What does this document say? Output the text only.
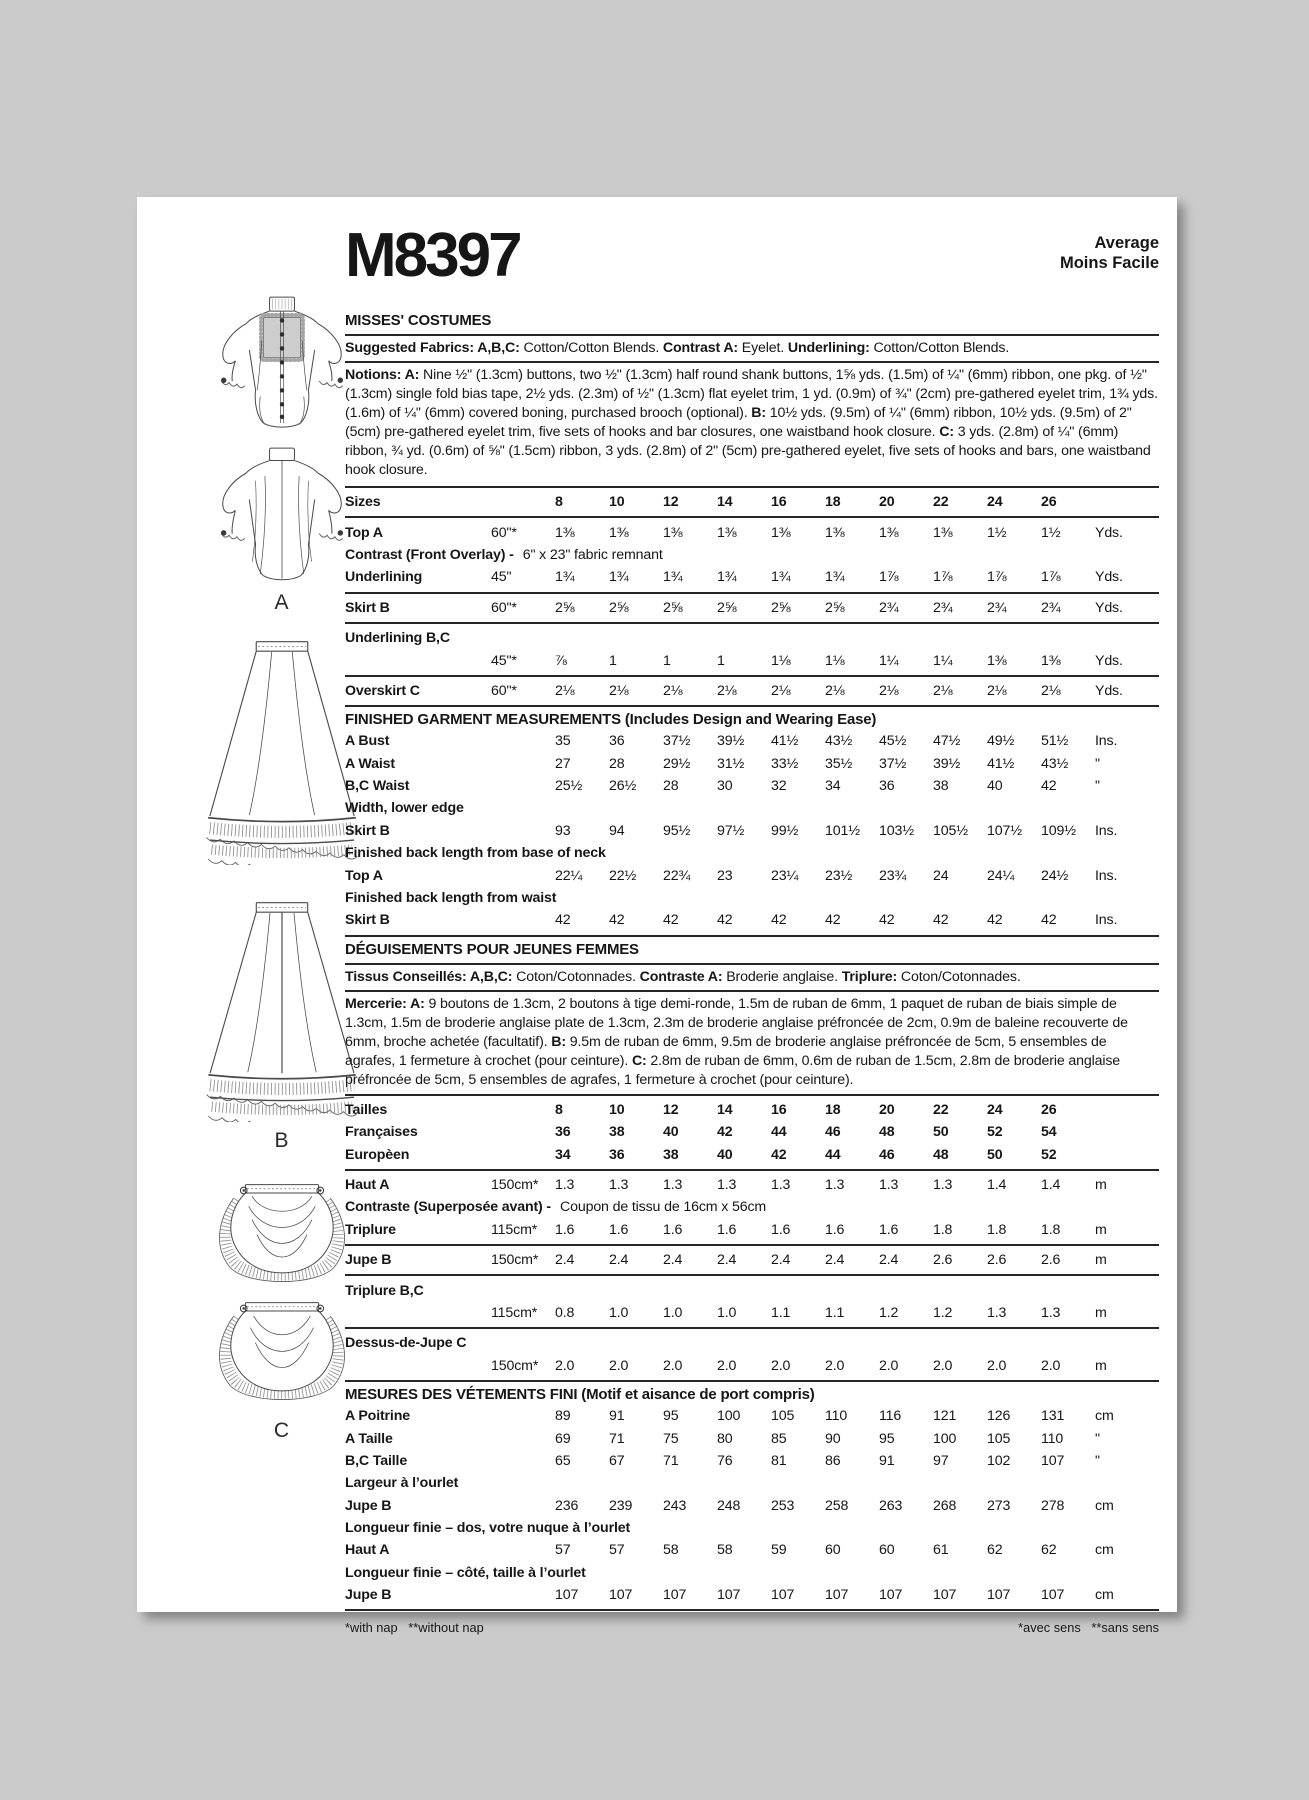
A
B
C
M8397	Average
Moins Facile
MISSES' COSTUMES

Suggested Fabrics: A,B,C: Cotton/Cotton Blends. Contrast A: Eyelet. Underlining: Cotton/Cotton Blends.

Notions: A: Nine ½" (1.3cm) buttons, two ½" (1.3cm) half round shank buttons, 1⅝ yds. (1.5m) of ¼" (6mm) ribbon, one pkg. of ½" (1.3cm) single fold bias tape, 2½ yds. (2.3m) of ½" (1.3cm) flat eyelet trim, 1 yd. (0.9m) of ¾" (2cm) pre-gathered eyelet trim, 1¾ yds. (1.6m) of ¼" (6mm) covered boning, purchased brooch (optional). B: 10½ yds. (9.5m) of ¼" (6mm) ribbon, 10½ yds. (9.5m) of 2" (5cm) pre-gathered eyelet trim, five sets of hooks and bar closures, one waistband hook closure. C: 3 yds. (2.8m) of ¼" (6mm) ribbon, ¾ yd. (0.6m) of ⅝" (1.5cm) ribbon, 3 yds. (2.8m) of 2" (5cm) pre-gathered eyelet, five sets of hooks and bars, one waistband hook closure.

Sizes	8	10	12	14	16	18	20	22	24	26
Top A	60"*	1⅜	1⅜	1⅜	1⅜	1⅜	1⅜	1⅜	1⅜	1½	1½	Yds.
Contrast (Front Overlay) - 6" x 23" fabric remnant
Underlining	45"	1¾	1¾	1¾	1¾	1¾	1¾	1⅞	1⅞	1⅞	1⅞	Yds.
Skirt B	60"*	2⅝	2⅝	2⅝	2⅝	2⅝	2⅝	2¾	2¾	2¾	2¾	Yds.
Underlining B,C
45"*	⅞	1	1	1	1⅛	1⅛	1¼	1¼	1⅜	1⅜	Yds.
Overskirt C	60"*	2⅛	2⅛	2⅛	2⅛	2⅛	2⅛	2⅛	2⅛	2⅛	2⅛	Yds.
FINISHED GARMENT MEASUREMENTS (Includes Design and Wearing Ease)
A Bust	35	36	37½	39½	41½	43½	45½	47½	49½	51½	Ins.
A Waist	27	28	29½	31½	33½	35½	37½	39½	41½	43½	"
B,C Waist	25½	26½	28	30	32	34	36	38	40	42	"
Width, lower edge
Skirt B	93	94	95½	97½	99½	101½	103½	105½	107½	109½	Ins.
Finished back length from base of neck
Top A	22¼	22½	22¾	23	23¼	23½	23¾	24	24¼	24½	Ins.
Finished back length from waist
Skirt B	42	42	42	42	42	42	42	42	42	42	Ins.
DÉGUISEMENTS POUR JEUNES FEMMES

Tissus Conseillés: A,B,C: Coton/Cotonnades. Contraste A: Broderie anglaise. Triplure: Coton/Cotonnades.

Mercerie: A: 9 boutons de 1.3cm, 2 boutons à tige demi-ronde, 1.5m de ruban de 6mm, 1 paquet de ruban de biais simple de 1.3cm, 1.5m de broderie anglaise plate de 1.3cm, 2.3m de broderie anglaise préfroncée de 2cm, 0.9m de baleine recouverte de 6mm, broche achetée (facultatif). B: 9.5m de ruban de 6mm, 9.5m de broderie anglaise préfroncée de 5cm, 5 ensembles de agrafes, 1 fermeture à crochet (pour ceinture). C: 2.8m de ruban de 6mm, 0.6m de ruban de 1.5cm, 2.8m de broderie anglaise préfroncée de 5cm, 5 ensembles de agrafes, 1 fermeture à crochet (pour ceinture).

Tailles	8	10	12	14	16	18	20	22	24	26
Françaises	36	38	40	42	44	46	48	50	52	54
Europèen	34	36	38	40	42	44	46	48	50	52
Haut A	150cm*	1.3	1.3	1.3	1.3	1.3	1.3	1.3	1.3	1.4	1.4	m
Contraste (Superposée avant) - Coupon de tissu de 16cm x 56cm
Triplure	115cm*	1.6	1.6	1.6	1.6	1.6	1.6	1.6	1.8	1.8	1.8	m
Jupe B	150cm*	2.4	2.4	2.4	2.4	2.4	2.4	2.4	2.6	2.6	2.6	m
Triplure B,C
115cm*	0.8	1.0	1.0	1.0	1.1	1.1	1.2	1.2	1.3	1.3	m
Dessus-de-Jupe C
150cm*	2.0	2.0	2.0	2.0	2.0	2.0	2.0	2.0	2.0	2.0	m
MESURES DES VÉTEMENTS FINI (Motif et aisance de port compris)
A Poitrine	89	91	95	100	105	110	116	121	126	131	cm
A Taille	69	71	75	80	85	90	95	100	105	110	"
B,C Taille	65	67	71	76	81	86	91	97	102	107	"
Largeur à l’ourlet
Jupe B	236	239	243	248	253	258	263	268	273	278	cm
Longueur finie – dos, votre nuque à l’ourlet
Haut A	57	57	58	58	59	60	60	61	62	62	cm
Longueur finie – côté, taille à l’ourlet
Jupe B	107	107	107	107	107	107	107	107	107	107	cm
*with nap   **without nap	*avec sens   **sans sens
